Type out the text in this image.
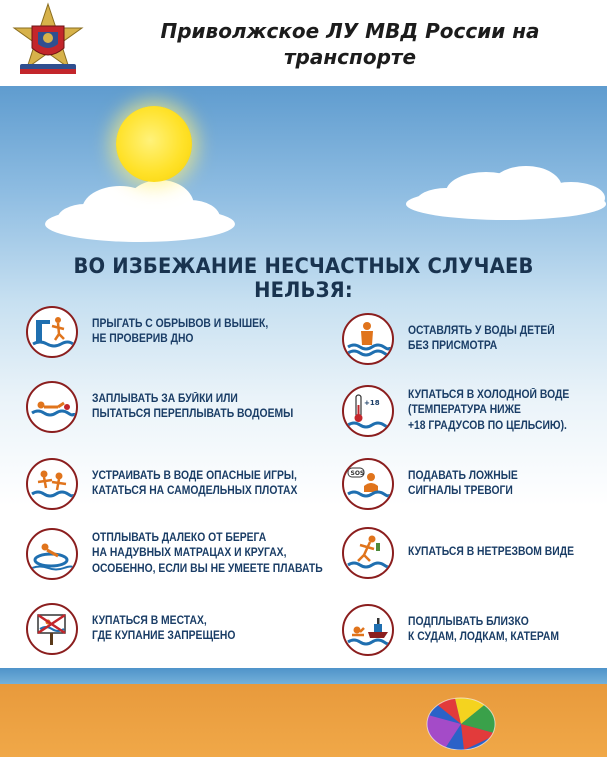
Приволжское ЛУ МВД России на
транспорте
ВО ИЗБЕЖАНИЕ НЕСЧАСТНЫХ СЛУЧАЕВ НЕЛЬЗЯ:
ПРЫГАТЬ С ОБРЫВОВ И ВЫШЕК,
НЕ ПРОВЕРИВ ДНО
ЗАПЛЫВАТЬ ЗА БУЙКИ ИЛИ
ПЫТАТЬСЯ ПЕРЕПЛЫВАТЬ ВОДОЕМЫ
УСТРАИВАТЬ В ВОДЕ ОПАСНЫЕ ИГРЫ,
КАТАТЬСЯ НА САМОДЕЛЬНЫХ ПЛОТАХ
ОТПЛЫВАТЬ ДАЛЕКО ОТ БЕРЕГА
НА НАДУВНЫХ МАТРАЦАХ И КРУГАХ,
ОСОБЕННО, ЕСЛИ ВЫ НЕ УМЕЕТЕ ПЛАВАТЬ
КУПАТЬСЯ В МЕСТАХ,
ГДЕ КУПАНИЕ ЗАПРЕЩЕНО
ОСТАВЛЯТЬ У ВОДЫ ДЕТЕЙ
БЕЗ ПРИСМОТРА
+18
КУПАТЬСЯ В ХОЛОДНОЙ ВОДЕ
(ТЕМПЕРАТУРА НИЖЕ
+18 ГРАДУСОВ ПО ЦЕЛЬСИЮ).
SOS	ПОДАВАТЬ ЛОЖНЫЕ
СИГНАЛЫ ТРЕВОГИ
КУПАТЬСЯ В НЕТРЕЗВОМ ВИДЕ
ПОДПЛЫВАТЬ БЛИЗКО
К СУДАМ, ЛОДКАМ, КАТЕРАМ
